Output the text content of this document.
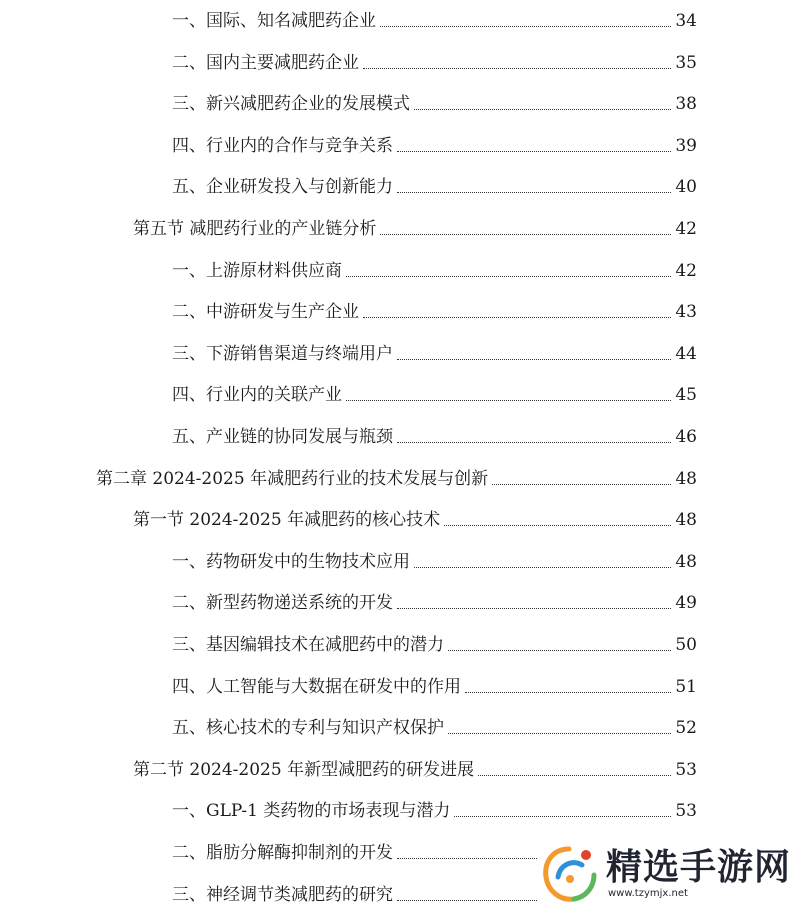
一、国际、知名减肥药企业	34
二、国内主要减肥药企业	35
三、新兴减肥药企业的发展模式	38
四、行业内的合作与竞争关系	39
五、企业研发投入与创新能力	40
第五节 减肥药行业的产业链分析	42
一、上游原材料供应商	42
二、中游研发与生产企业	43
三、下游销售渠道与终端用户	44
四、行业内的关联产业	45
五、产业链的协同发展与瓶颈	46
第二章 2024-2025 年减肥药行业的技术发展与创新	48
第一节 2024-2025 年减肥药的核心技术	48
一、药物研发中的生物技术应用	48
二、新型药物递送系统的开发	49
三、基因编辑技术在减肥药中的潜力	50
四、人工智能与大数据在研发中的作用	51
五、核心技术的专利与知识产权保护	52
第二节 2024-2025 年新型减肥药的研发进展	53
一、GLP-1 类药物的市场表现与潜力	53
二、脂肪分解酶抑制剂的开发
三、神经调节类减肥药的研究
精选手游网
www.tzymjx.net
